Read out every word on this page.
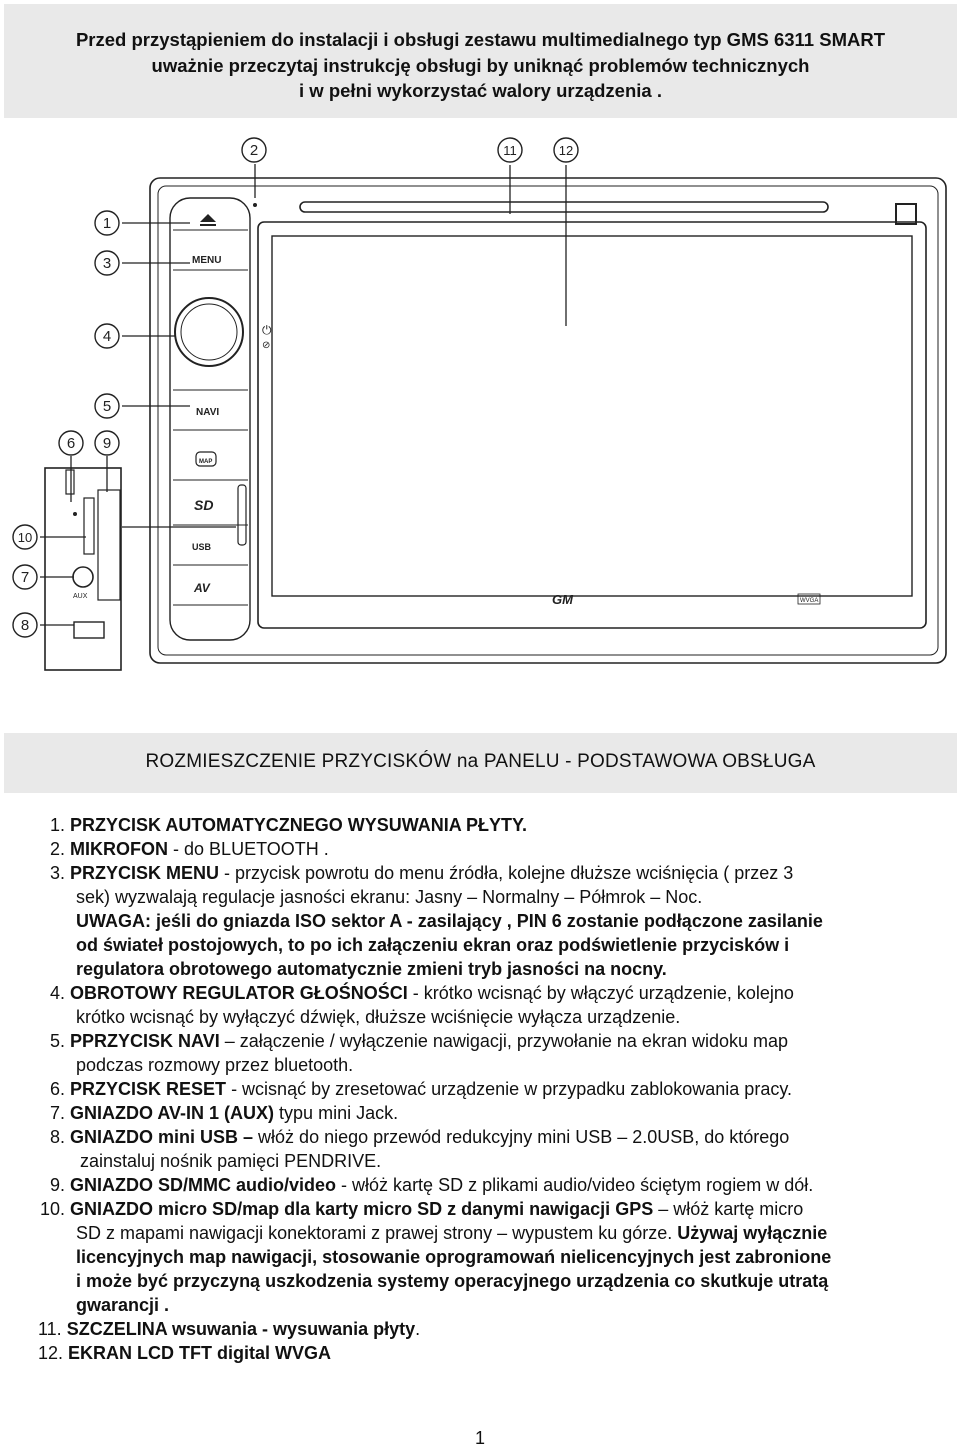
Przed przystąpieniem do instalacji i obsługi zestawu multimedialnego typ GMS 6311 SMART
uważnie przeczytaj instrukcję obsługi by uniknąć problemów technicznych
i w pełni wykorzystać walory urządzenia .
⏻
⊘
MENU
NAVI
MAP
SD
USB
AV
AUX	GM	WVGA
1
2
3
4
5
6
7
8
9
10
11	12
ROZMIESZCZENIE PRZYCISKÓW na PANELU - PODSTAWOWA OBSŁUGA
1. PRZYCISK AUTOMATYCZNEGO WYSUWANIA PŁYTY.
2. MIKROFON - do BLUETOOTH .
3. PRZYCISK MENU - przycisk powrotu do menu źródła, kolejne dłuższe wciśnięcia ( przez 3
sek) wyzwalają regulacje jasności ekranu: Jasny – Normalny – Półmrok – Noc.
UWAGA: jeśli do gniazda ISO sektor A - zasilający , PIN 6 zostanie podłączone zasilanie
od świateł postojowych, to po ich załączeniu ekran oraz podświetlenie przycisków i
regulatora obrotowego automatycznie zmieni tryb jasności na nocny.
4. OBROTOWY REGULATOR GŁOŚNOŚCI - krótko wcisnąć by włączyć urządzenie, kolejno
krótko wcisnąć by wyłączyć dźwięk, dłuższe wciśnięcie wyłącza urządzenie.
5. PPRZYCISK NAVI – załączenie / wyłączenie nawigacji, przywołanie na ekran widoku map
podczas rozmowy przez bluetooth.
6. PRZYCISK RESET - wcisnąć by zresetować urządzenie w przypadku zablokowania pracy.
7. GNIAZDO AV-IN 1 (AUX) typu mini Jack.
8. GNIAZDO mini USB – włóż do niego przewód redukcyjny mini USB – 2.0USB, do którego
zainstaluj nośnik pamięci PENDRIVE.
9. GNIAZDO SD/MMC audio/video - włóż kartę SD z plikami audio/video ściętym rogiem w dół.
10. GNIAZDO micro SD/map dla karty micro SD z danymi nawigacji GPS – włóż kartę micro
SD z mapami nawigacji konektorami z prawej strony – wypustem ku górze. Używaj wyłącznie
licencyjnych map nawigacji, stosowanie oprogramowań nielicencyjnych jest zabronione
i może być przyczyną uszkodzenia systemy operacyjnego urządzenia co skutkuje utratą
gwarancji .
11. SZCZELINA wsuwania - wysuwania płyty.
12. EKRAN LCD TFT digital WVGA
1
